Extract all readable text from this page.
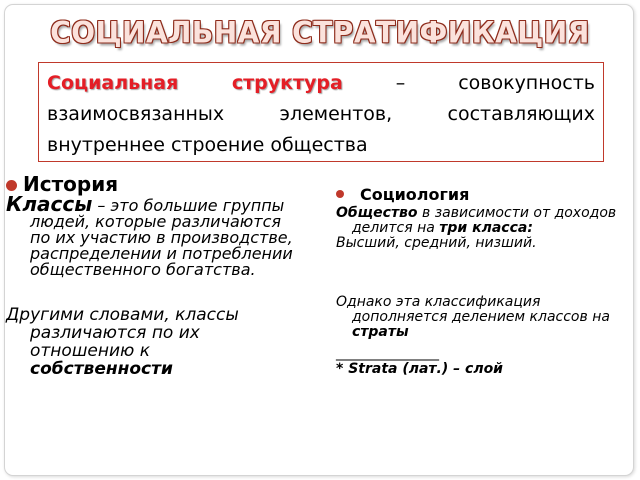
СОЦИАЛЬНАЯ СТРАТИФИКАЦИЯ
Социальная структура – совокупность взаимосвязанных элементов, составляющих внутреннее строение общества
История

Классы – это большие группы людей, которые различаются по их участию в производстве, распределении и потреблении общественного богатства.

Другими словами, классы различаются по их отношению к собственности

Социология

Общество в зависимости от доходов делится на три класса:

Высший, средний, низший.

Однако эта классификация дополняется делением классов на страты

_________________
* Strata (лат.) – слой
